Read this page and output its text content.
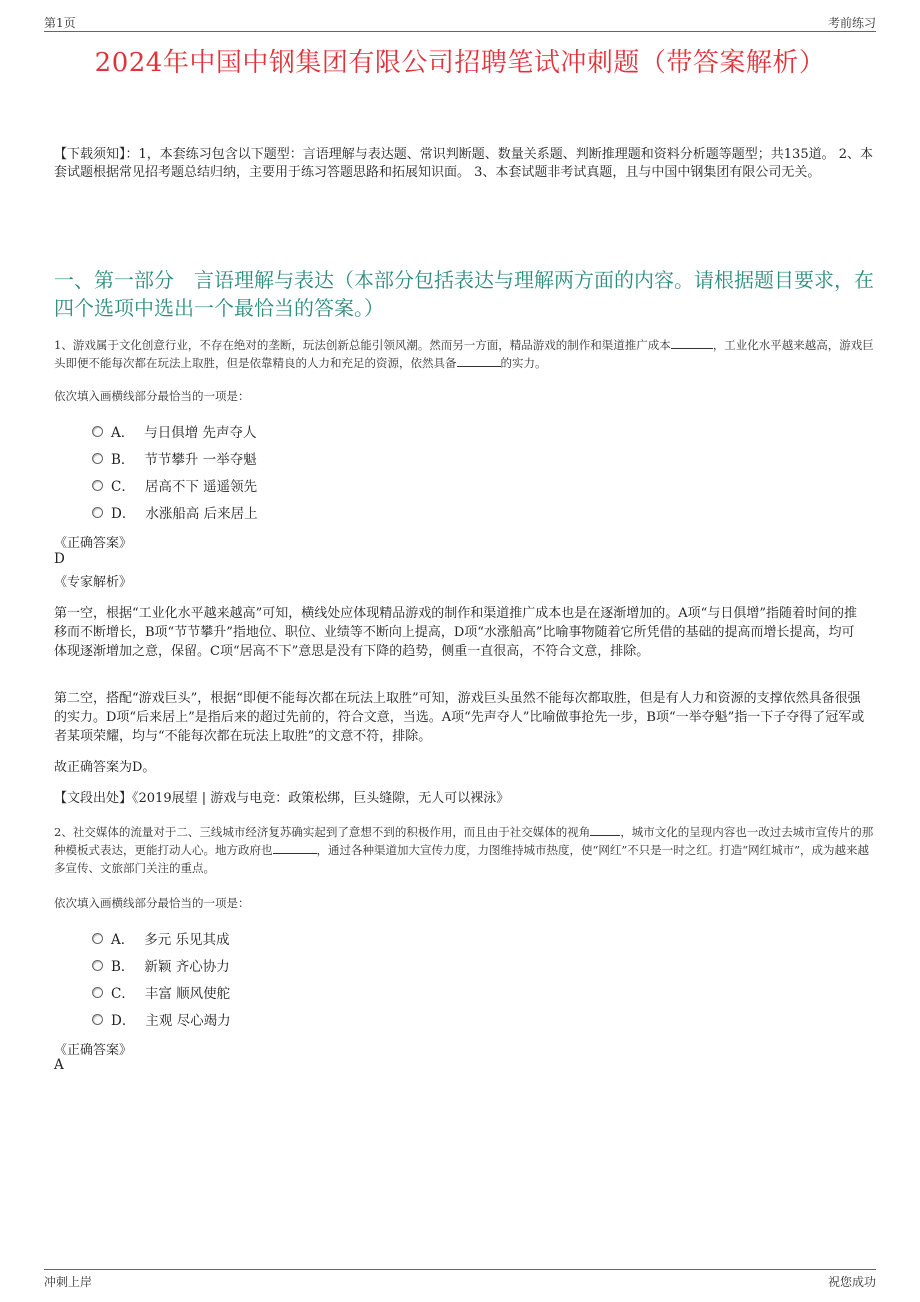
第1页	考前练习
2024年中国中钢集团有限公司招聘笔试冲刺题（带答案解析）
【下载须知】：1，本套练习包含以下题型：言语理解与表达题、常识判断题、数量关系题、判断推理题和资料分析题等题型；共135道。 2、本套试题根据常见招考题总结归纳，主要用于练习答题思路和拓展知识面。 3、本套试题非考试真题，且与中国中钢集团有限公司无关。
一、第一部分　言语理解与表达（本部分包括表达与理解两方面的内容。请根据题目要求，在四个选项中选出一个最恰当的答案。）
1、游戏属于文化创意行业，不存在绝对的垄断，玩法创新总能引领风潮。然而另一方面，精品游戏的制作和渠道推广成本	，工业化水平越来越高，游戏巨头即便不能每次都在玩法上取胜，但是依靠精良的人力和充足的资源，依然具备	的实力。
依次填入画横线部分最恰当的一项是：
A． 与日俱增 先声夺人
B． 节节攀升 一举夺魁
C． 居高不下 遥遥领先
D． 水涨船高 后来居上
《正确答案》
D
《专家解析》
第一空，根据“工业化水平越来越高”可知，横线处应体现精品游戏的制作和渠道推广成本也是在逐渐增加的。A项“与日俱增”指随着时间的推移而不断增长，B项“节节攀升”指地位、职位、业绩等不断向上提高，D项“水涨船高”比喻事物随着它所凭借的基础的提高而增长提高，均可体现逐渐增加之意，保留。C项“居高不下”意思是没有下降的趋势，侧重一直很高，不符合文意，排除。
第二空，搭配“游戏巨头”，根据“即便不能每次都在玩法上取胜”可知，游戏巨头虽然不能每次都取胜，但是有人力和资源的支撑依然具备很强的实力。D项“后来居上”是指后来的超过先前的，符合文意，当选。A项“先声夺人”比喻做事抢先一步，B项“一举夺魁”指一下子夺得了冠军或者某项荣耀，均与“不能每次都在玩法上取胜”的文意不符，排除。
故正确答案为D。
【文段出处】《2019展望 | 游戏与电竞：政策松绑，巨头缝隙，无人可以裸泳》
2、社交媒体的流量对于二、三线城市经济复苏确实起到了意想不到的积极作用，而且由于社交媒体的视角	，城市文化的呈现内容也一改过去城市宣传片的那种模板式表达，更能打动人心。地方政府也	，通过各种渠道加大宣传力度，力图维持城市热度，使“网红”不只是一时之红。打造“网红城市”，成为越来越多宣传、文旅部门关注的重点。
依次填入画横线部分最恰当的一项是：
A． 多元 乐见其成
B． 新颖 齐心协力
C． 丰富 顺风使舵
D． 主观 尽心竭力
《正确答案》
A
冲刺上岸	祝您成功
